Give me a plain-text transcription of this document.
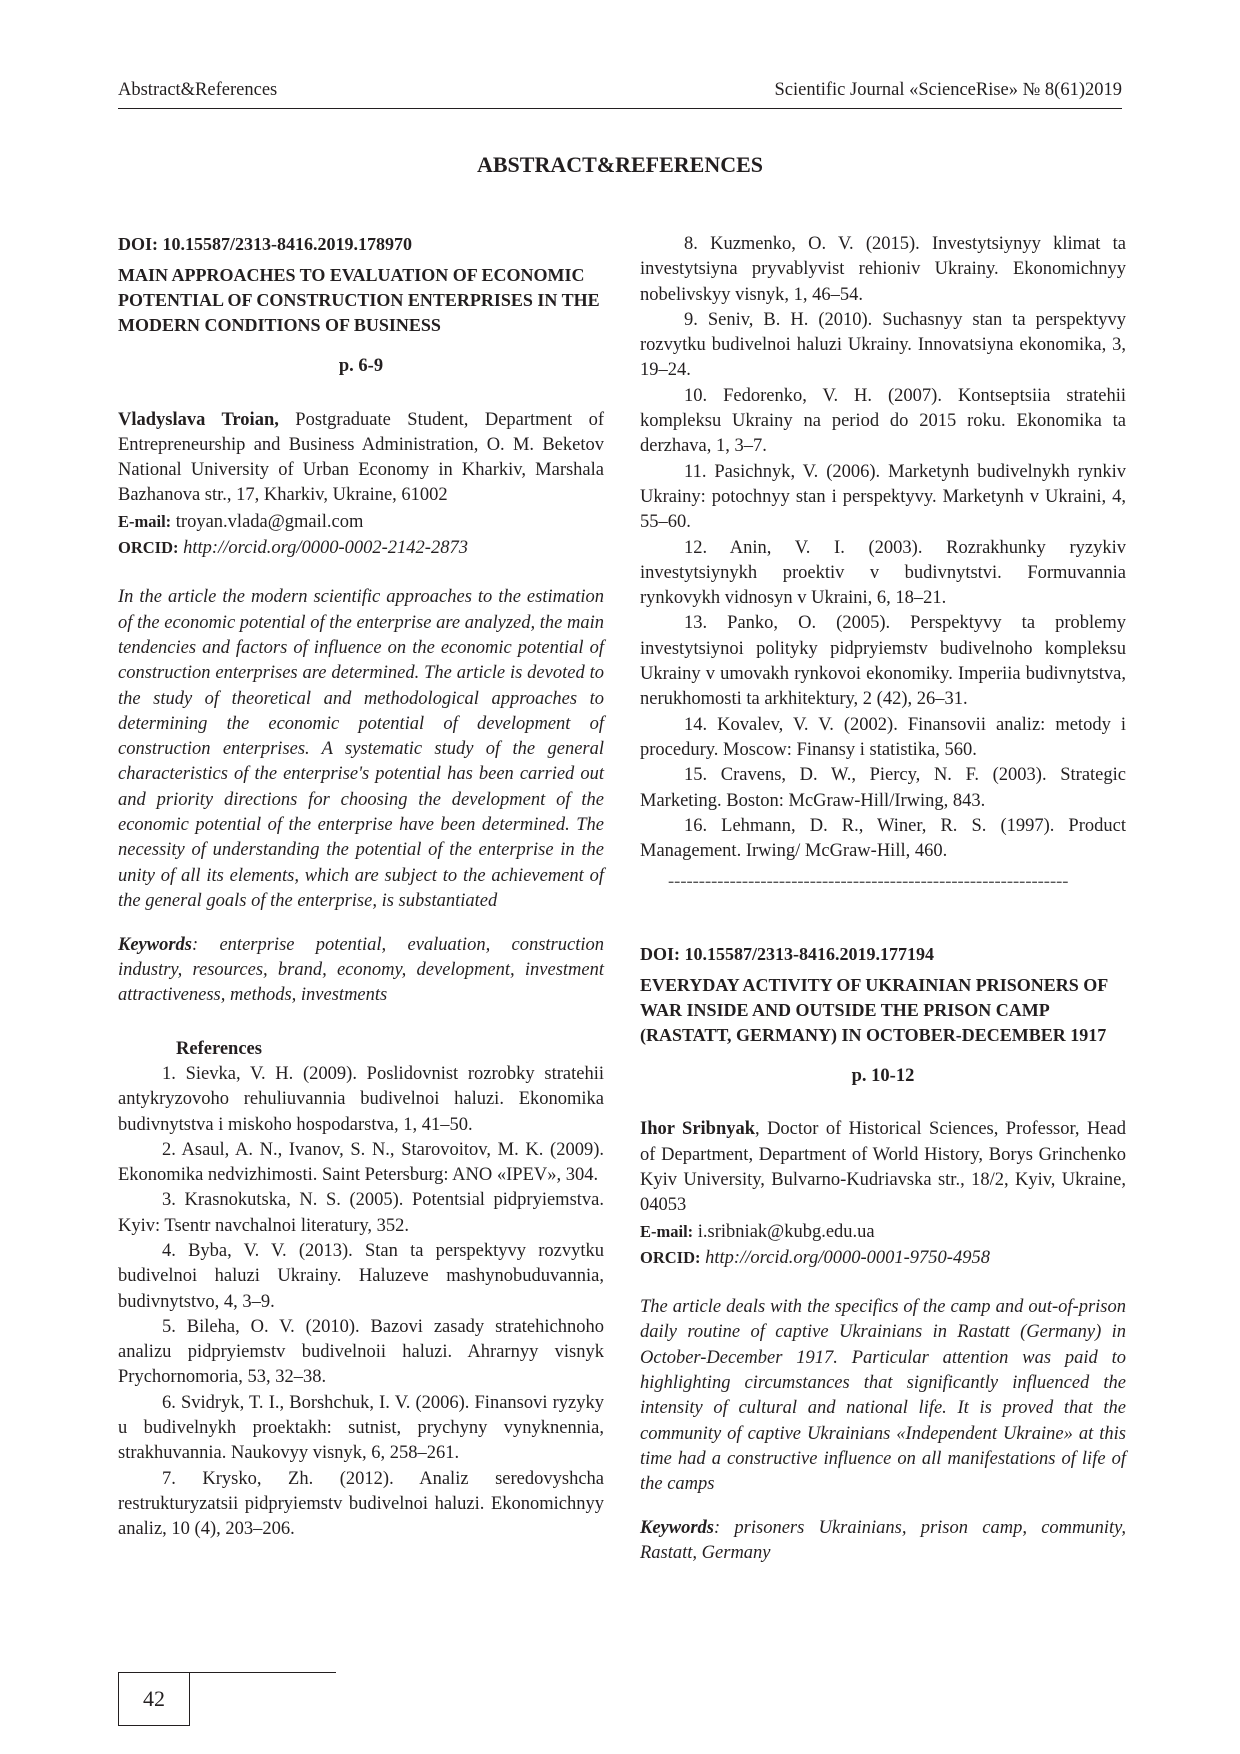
Abstract&References	Scientific Journal «ScienceRise» № 8(61)2019
ABSTRACT&REFERENCES
DOI: 10.15587/2313-8416.2019.178970
MAIN APPROACHES TO EVALUATION OF ECONOMIC POTENTIAL OF CONSTRUCTION ENTERPRISES IN THE MODERN CONDITIONS OF BUSINESS
p. 6-9

Vladyslava Troian, Postgraduate Student, Department of Entrepreneurship and Business Administration, O. M. Beketov National University of Urban Economy in Kharkiv, Marshala Bazhanova str., 17, Kharkiv, Ukraine, 61002

E-mail: troyan.vlada@gmail.com

ORCID: http://orcid.org/0000-0002-2142-2873

In the article the modern scientific approaches to the estimation of the economic potential of the enterprise are analyzed, the main tendencies and factors of influence on the economic potential of construction enterprises are determined. The article is devoted to the study of theoretical and methodological approaches to determining the economic potential of development of construction enterprises. A systematic study of the general characteristics of the enterprise's potential has been carried out and priority directions for choosing the development of the economic potential of the enterprise have been determined. The necessity of understanding the potential of the enterprise in the unity of all its elements, which are subject to the achievement of the general goals of the enterprise, is substantiated

Keywords: enterprise potential, evaluation, construction industry, resources, brand, economy, development, investment attractiveness, methods, investments

References

1. Sievka, V. H. (2009). Poslidovnist rozrobky stratehii antykryzovoho rehuliuvannia budivelnoi haluzi. Ekonomika budivnytstva i miskoho hospodarstva, 1, 41–50.

2. Asaul, A. N., Ivanov, S. N., Starovoitov, M. K. (2009). Ekonomika nedvizhimosti. Saint Petersburg: ANO «IPEV», 304.

3. Krasnokutska, N. S. (2005). Potentsial pidpryiemstva. Kyiv: Tsentr navchalnoi literatury, 352.

4. Byba, V. V. (2013). Stan ta perspektyvy rozvytku budivelnoi haluzi Ukrainy. Haluzeve mashynobuduvannia, budivnytstvo, 4, 3–9.

5. Bileha, O. V. (2010). Bazovi zasady stratehichnoho analizu pidpryiemstv budivelnoii haluzi. Ahrarnyy visnyk Prychornomoria, 53, 32–38.

6. Svidryk, T. I., Borshchuk, I. V. (2006). Finansovi ryzyky u budivelnykh proektakh: sutnist, prychyny vynyknennia, strakhuvannia. Naukovyy visnyk, 6, 258–261.

7. Krysko, Zh. (2012). Analiz seredovyshcha restrukturyzatsii pidpryiemstv budivelnoi haluzi. Ekonomichnyy analiz, 10 (4), 203–206.

8. Kuzmenko, O. V. (2015). Investytsiynyy klimat ta investytsiyna pryvablyvist rehioniv Ukrainy. Ekonomichnyy nobelivskyy visnyk, 1, 46–54.

9. Seniv, B. H. (2010). Suchasnyy stan ta perspektyvy rozvytku budivelnoi haluzi Ukrainy. Innovatsiyna ekonomika, 3, 19–24.

10. Fedorenko, V. H. (2007). Kontseptsiia stratehii kompleksu Ukrainy na period do 2015 roku. Ekonomika ta derzhava, 1, 3–7.

11. Pasichnyk, V. (2006). Marketynh budivelnykh rynkiv Ukrainy: potochnyy stan i perspektyvy. Marketynh v Ukraini, 4, 55–60.

12. Anin, V. I. (2003). Rozrakhunky ryzykiv investytsiynykh proektiv v budivnytstvi. Formuvannia rynkovykh vidnosyn v Ukraini, 6, 18–21.

13. Panko, O. (2005). Perspektyvy ta problemy investytsiynoi polityky pidpryiemstv budivelnoho kompleksu Ukrainy v umovakh rynkovoi ekonomiky. Imperiia budivnytstva, nerukhomosti ta arkhitektury, 2 (42), 26–31.

14. Kovalev, V. V. (2002). Finansovii analiz: metody i procedury. Moscow: Finansy i statistika, 560.

15. Cravens, D. W., Piercy, N. F. (2003). Strategic Marketing. Boston: McGraw-Hill/Irwing, 843.

16. Lehmann, D. R., Winer, R. S. (1997). Product Management. Irwing/ McGraw-Hill, 460.

-----------------------------------------------------------------
DOI: 10.15587/2313-8416.2019.177194
EVERYDAY ACTIVITY OF UKRAINIAN PRISONERS OF WAR INSIDE AND OUTSIDE THE PRISON CAMP (RASTATT, GERMANY) IN OCTOBER-DECEMBER 1917
p. 10-12

Ihor Sribnyak, Doctor of Historical Sciences, Professor, Head of Department, Department of World History, Borys Grinchenko Kyiv University, Bulvarno-Kudriavska str., 18/2, Kyiv, Ukraine, 04053

E-mail: i.sribniak@kubg.edu.ua

ORCID: http://orcid.org/0000-0001-9750-4958

The article deals with the specifics of the camp and out-of-prison daily routine of captive Ukrainians in Rastatt (Germany) in October-December 1917. Particular attention was paid to highlighting circumstances that significantly influenced the intensity of cultural and national life. It is proved that the community of captive Ukrainians «Independent Ukraine» at this time had a constructive influence on all manifestations of life of the camps

Keywords: prisoners Ukrainians, prison camp, community, Rastatt, Germany

42
